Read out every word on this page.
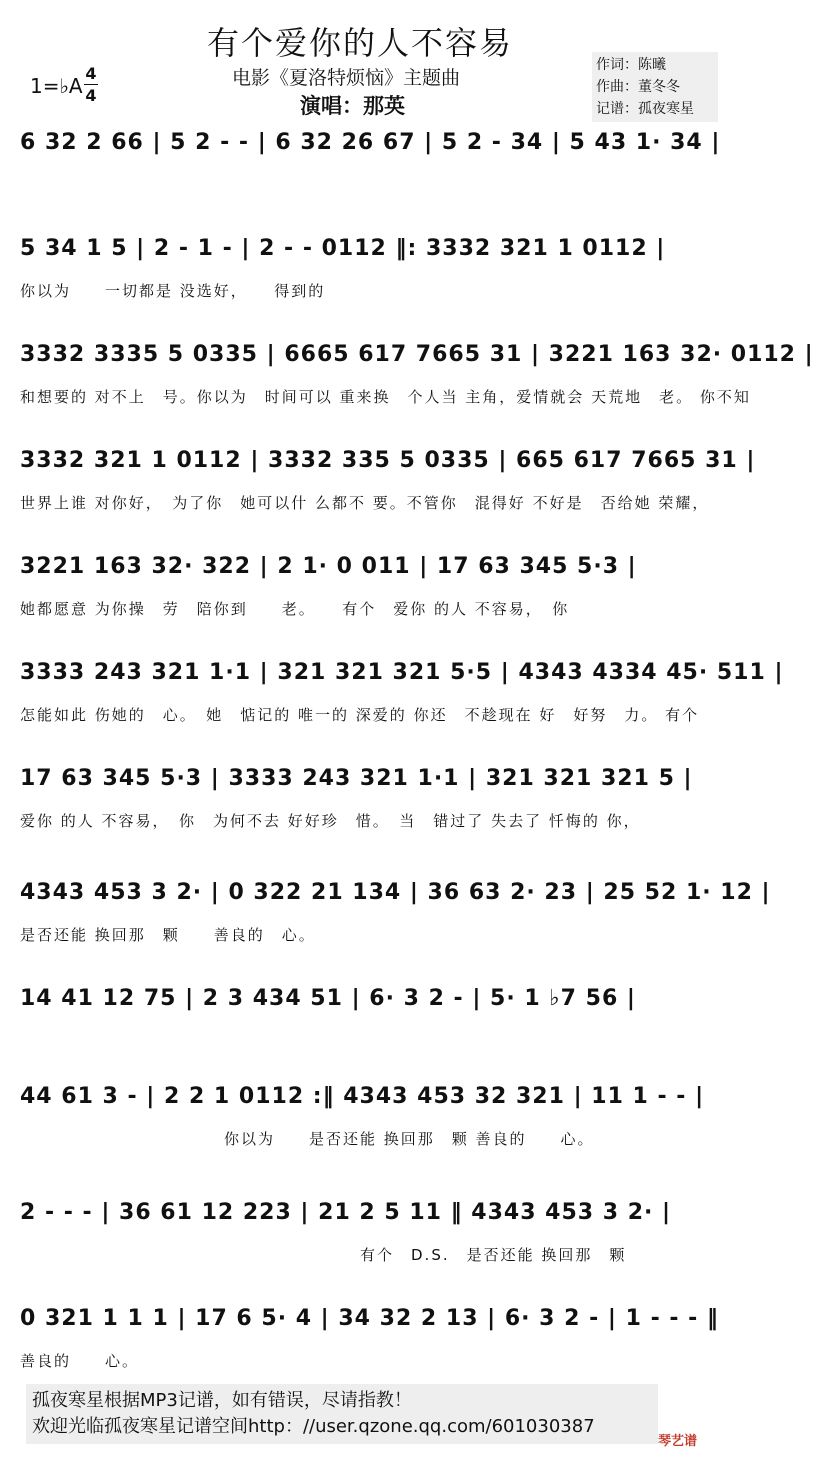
有个爱你的人不容易
1=♭A
4
4
电影《夏洛特烦恼》主题曲
演唱：那英
作词：陈曦
作曲：董冬冬
记谱：孤夜寒星
6 32 2 66 | 5 2 - - | 6 32 26 67 | 5 2 - 34 | 5 43 1· 34 |
5 34 1 5 | 2 - 1 - | 2 - - 0112 ‖: 3332 321 1 0112 |
你以为　　一切都是 没选好，　　得到的
3332 3335 5 0335 | 6665 617 7665 31 | 3221 163 32· 0112 |
和想要的 对不上　号。你以为　时间可以 重来换　个人当 主角，爱情就会 天荒地　老。 你不知
3332 321 1 0112 | 3332 335 5 0335 | 665 617 7665 31 |
世界上谁 对你好，　为了你　她可以什 么都不 要。不管你　混得好 不好是　否给她 荣耀，
3221 163 32· 322 | 2 1· 0 011 | 17 63 345 5·3 |
她都愿意 为你操　劳　陪你到　　老。　　有个　爱你 的人 不容易，　你
3333 243 321 1·1 | 321 321 321 5·5 | 4343 4334 45· 511 |
怎能如此 伤她的　心。　她　惦记的 唯一的 深爱的 你还　不趁现在 好　好努　力。 有个
17 63 345 5·3 | 3333 243 321 1·1 | 321 321 321 5 |
爱你 的人 不容易，　你　为何不去 好好珍　惜。　当　错过了 失去了 忏悔的 你，
4343 453 3 2· | 0 322 21 134 | 36 63 2· 23 | 25 52 1· 12 |
是否还能 换回那　颗　　善良的　心。
14 41 12 75 | 2 3 434 51 | 6· 3 2 - | 5· 1 ♭7 56 |
44 61 3 - | 2 2 1 0112 :‖ 4343 453 32 321 | 11 1 - - |
　　　　　　　　　　　　你以为　　是否还能 换回那　颗 善良的　　心。
2 - - - | 36 61 12 223 | 21 2 5 11 ‖ 4343 453 3 2· |
　　　　　　　　　　　　　　　　　　　　有个　D.S.　是否还能 换回那　颗
0 321 1 1 1 | 17 6 5· 4 | 34 32 2 13 | 6· 3 2 - | 1 - - - ‖
善良的　　心。
孤夜寒星根据MP3记谱，如有错误，尽请指教！
欢迎光临孤夜寒星记谱空间http：//user.qzone.qq.com/601030387
琴艺谱
